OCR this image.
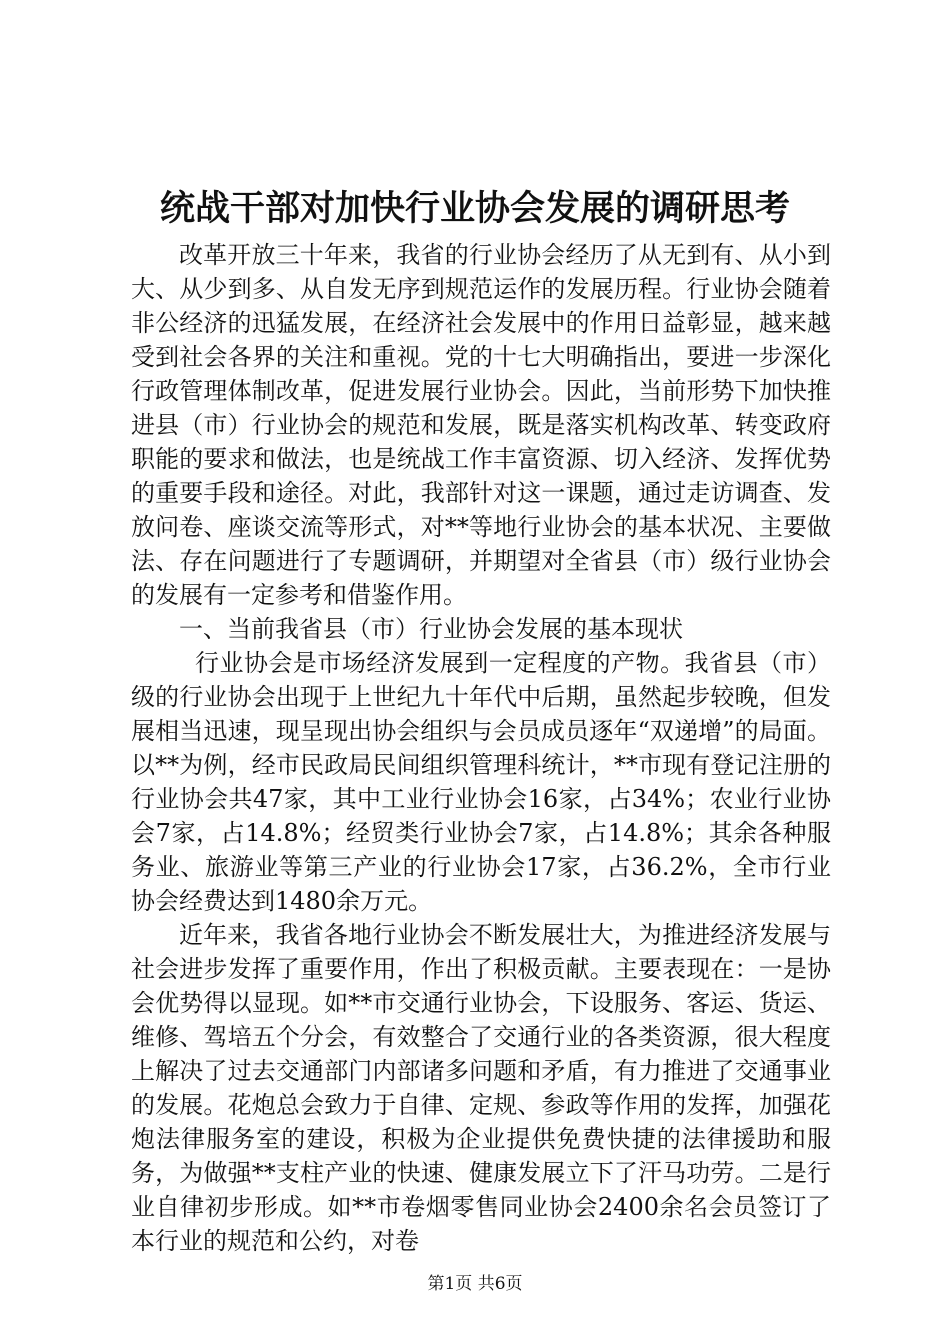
统战干部对加快行业协会发展的调研思考

改革开放三十年来，我省的行业协会经历了从无到有、从小到大、从少到多、从自发无序到规范运作的发展历程。行业协会随着非公经济的迅猛发展，在经济社会发展中的作用日益彰显，越来越受到社会各界的关注和重视。党的十七大明确指出，要进一步深化行政管理体制改革，促进发展行业协会。因此，当前形势下加快推进县（市）行业协会的规范和发展，既是落实机构改革、转变政府职能的要求和做法，也是统战工作丰富资源、切入经济、发挥优势的重要手段和途径。对此，我部针对这一课题，通过走访调查、发放问卷、座谈交流等形式，对**等地行业协会的基本状况、主要做法、存在问题进行了专题调研，并期望对全省县（市）级行业协会的发展有一定参考和借鉴作用。

一、当前我省县（市）行业协会发展的基本现状

行业协会是市场经济发展到一定程度的产物。我省县（市）级的行业协会出现于上世纪九十年代中后期，虽然起步较晚，但发展相当迅速，现呈现出协会组织与会员成员逐年“双递增”的局面。以**为例，经市民政局民间组织管理科统计，**市现有登记注册的行业协会共47家，其中工业行业协会16家，占34%；农业行业协会7家，占14.8%；经贸类行业协会7家，占14.8%；其余各种服务业、旅游业等第三产业的行业协会17家，占36.2%，全市行业协会经费达到1480余万元。

近年来，我省各地行业协会不断发展壮大，为推进经济发展与社会进步发挥了重要作用，作出了积极贡献。主要表现在：一是协会优势得以显现。如**市交通行业协会，下设服务、客运、货运、维修、驾培五个分会，有效整合了交通行业的各类资源，很大程度上解决了过去交通部门内部诸多问题和矛盾，有力推进了交通事业的发展。花炮总会致力于自律、定规、参政等作用的发挥，加强花炮法律服务室的建设，积极为企业提供免费快捷的法律援助和服务，为做强**支柱产业的快速、健康发展立下了汗马功劳。二是行业自律初步形成。如**市卷烟零售同业协会2400余名会员签订了本行业的规范和公约，对卷

第1页 共6页
